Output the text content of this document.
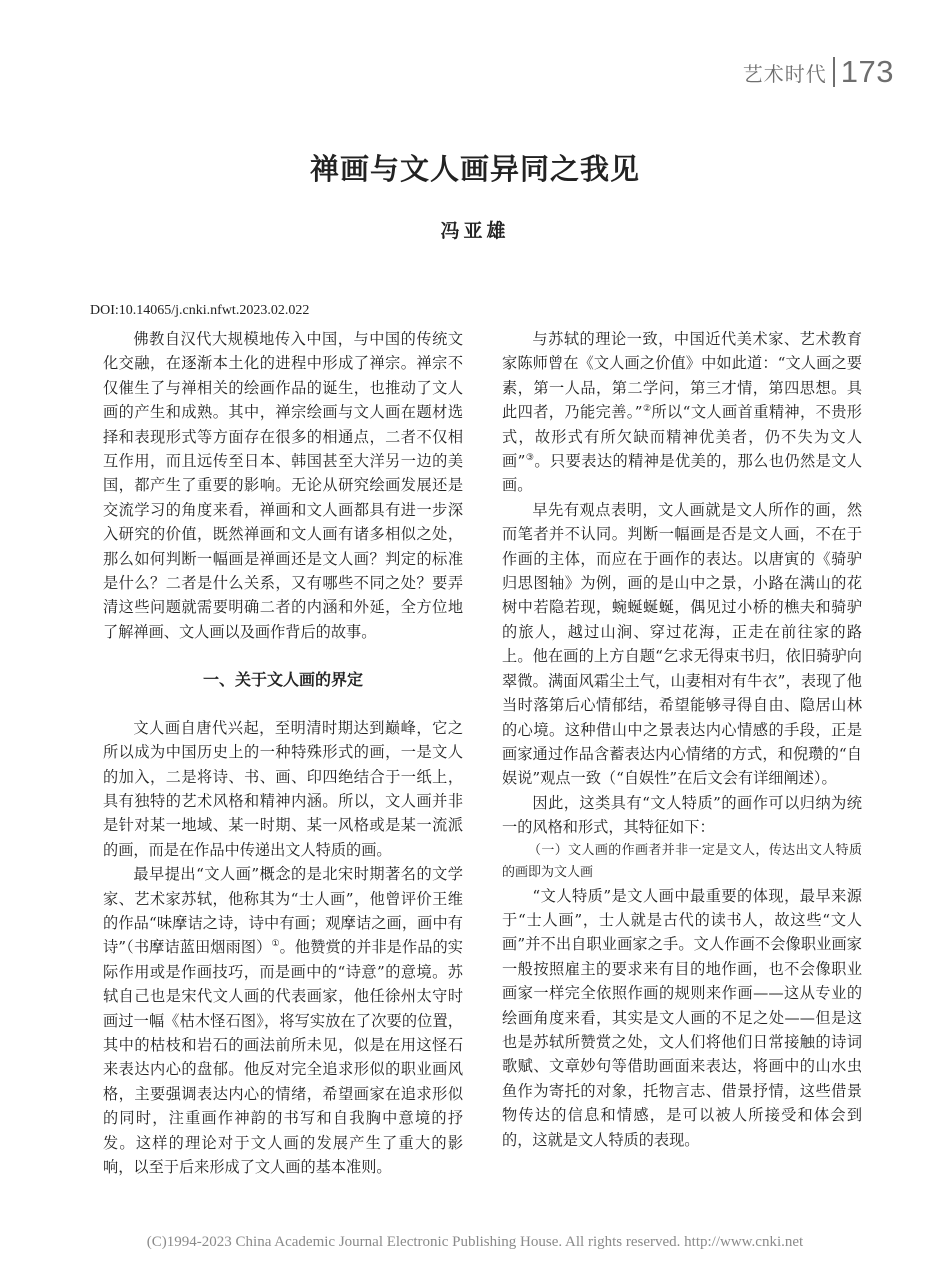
艺术时代 173
禅画与文人画异同之我见
冯亚雄
DOI:10.14065/j.cnki.nfwt.2023.02.022

佛教自汉代大规模地传入中国，与中国的传统文化交融，在逐渐本土化的进程中形成了禅宗。禅宗不仅催生了与禅相关的绘画作品的诞生，也推动了文人画的产生和成熟。其中，禅宗绘画与文人画在题材选择和表现形式等方面存在很多的相通点，二者不仅相互作用，而且远传至日本、韩国甚至大洋另一边的美国，都产生了重要的影响。无论从研究绘画发展还是交流学习的角度来看，禅画和文人画都具有进一步深入研究的价值，既然禅画和文人画有诸多相似之处，那么如何判断一幅画是禅画还是文人画？判定的标准是什么？二者是什么关系，又有哪些不同之处？要弄清这些问题就需要明确二者的内涵和外延，全方位地了解禅画、文人画以及画作背后的故事。

一、关于文人画的界定

文人画自唐代兴起，至明清时期达到巅峰，它之所以成为中国历史上的一种特殊形式的画，一是文人的加入，二是将诗、书、画、印四绝结合于一纸上，具有独特的艺术风格和精神内涵。所以，文人画并非是针对某一地域、某一时期、某一风格或是某一流派的画，而是在作品中传递出文人特质的画。

最早提出“文人画”概念的是北宋时期著名的文学家、艺术家苏轼，他称其为“士人画”，他曾评价王维的作品“味摩诘之诗，诗中有画；观摩诘之画，画中有诗”（书摩诘蓝田烟雨图）①。他赞赏的并非是作品的实际作用或是作画技巧，而是画中的“诗意”的意境。苏轼自己也是宋代文人画的代表画家，他任徐州太守时画过一幅《枯木怪石图》，将写实放在了次要的位置，其中的枯枝和岩石的画法前所未见，似是在用这怪石来表达内心的盘郁。他反对完全追求形似的职业画风格，主要强调表达内心的情绪，希望画家在追求形似的同时，注重画作神韵的书写和自我胸中意境的抒发。这样的理论对于文人画的发展产生了重大的影响，以至于后来形成了文人画的基本准则。

与苏轼的理论一致，中国近代美术家、艺术教育家陈师曾在《文人画之价值》中如此道：“文人画之要素，第一人品，第二学问，第三才情，第四思想。具此四者，乃能完善。”②所以“文人画首重精神，不贵形式，故形式有所欠缺而精神优美者，仍不失为文人画”③。只要表达的精神是优美的，那么也仍然是文人画。

早先有观点表明，文人画就是文人所作的画，然而笔者并不认同。判断一幅画是否是文人画，不在于作画的主体，而应在于画作的表达。以唐寅的《骑驴归思图轴》为例，画的是山中之景，小路在满山的花树中若隐若现，蜿蜒蜒蜒，偶见过小桥的樵夫和骑驴的旅人，越过山涧、穿过花海，正走在前往家的路上。他在画的上方自题“乞求无得束书归，依旧骑驴向翠微。满面风霜尘土气，山妻相对有牛衣”，表现了他当时落第后心情郁结，希望能够寻得自由、隐居山林的心境。这种借山中之景表达内心情感的手段，正是画家通过作品含蓄表达内心情绪的方式，和倪瓒的“自娱说”观点一致（“自娱性”在后文会有详细阐述）。

因此，这类具有“文人特质”的画作可以归纳为统一的风格和形式，其特征如下：

（一）文人画的作画者并非一定是文人，传达出文人特质的画即为文人画

“文人特质”是文人画中最重要的体现，最早来源于“士人画”，士人就是古代的读书人，故这些“文人画”并不出自职业画家之手。文人作画不会像职业画家一般按照雇主的要求来有目的地作画，也不会像职业画家一样完全依照作画的规则来作画——这从专业的绘画角度来看，其实是文人画的不足之处——但是这也是苏轼所赞赏之处，文人们将他们日常接触的诗词歌赋、文章妙句等借助画面来表达，将画中的山水虫鱼作为寄托的对象，托物言志、借景抒情，这些借景物传达的信息和情感，是可以被人所接受和体会到的，这就是文人特质的表现。

(C)1994-2023 China Academic Journal Electronic Publishing House. All rights reserved. http://www.cnki.net
